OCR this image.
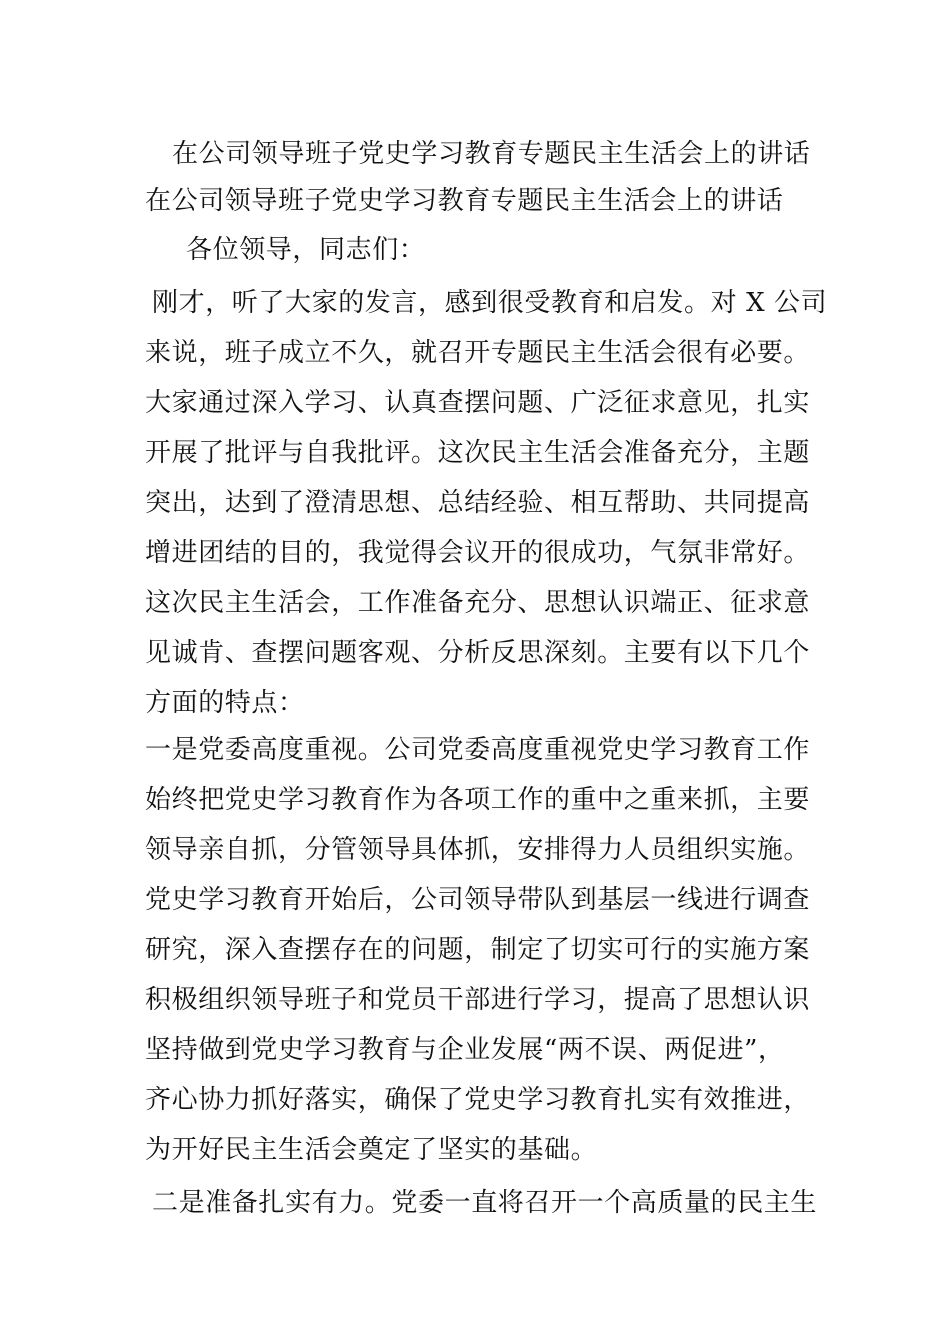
在公司领导班子党史学习教育专题民主生活会上的讲话
在公司领导班子党史学习教育专题民主生活会上的讲话
各位领导，同志们：
刚才，听了大家的发言，感到很受教育和启发。对 X 公司
来说，班子成立不久，就召开专题民主生活会很有必要。
大家通过深入学习、认真查摆问题、广泛征求意见，扎实
开展了批评与自我批评。这次民主生活会准备充分，主题
突出，达到了澄清思想、总结经验、相互帮助、共同提高
增进团结的目的，我觉得会议开的很成功，气氛非常好。
这次民主生活会，工作准备充分、思想认识端正、征求意
见诚肯、查摆问题客观、分析反思深刻。主要有以下几个
方面的特点：
一是党委高度重视。公司党委高度重视党史学习教育工作
始终把党史学习教育作为各项工作的重中之重来抓，主要
领导亲自抓，分管领导具体抓，安排得力人员组织实施。
党史学习教育开始后，公司领导带队到基层一线进行调查
研究，深入查摆存在的问题，制定了切实可行的实施方案
积极组织领导班子和党员干部进行学习，提高了思想认识
坚持做到党史学习教育与企业发展“两不误、两促进”，
齐心协力抓好落实，确保了党史学习教育扎实有效推进，
为开好民主生活会奠定了坚实的基础。
二是准备扎实有力。党委一直将召开一个高质量的民主生
